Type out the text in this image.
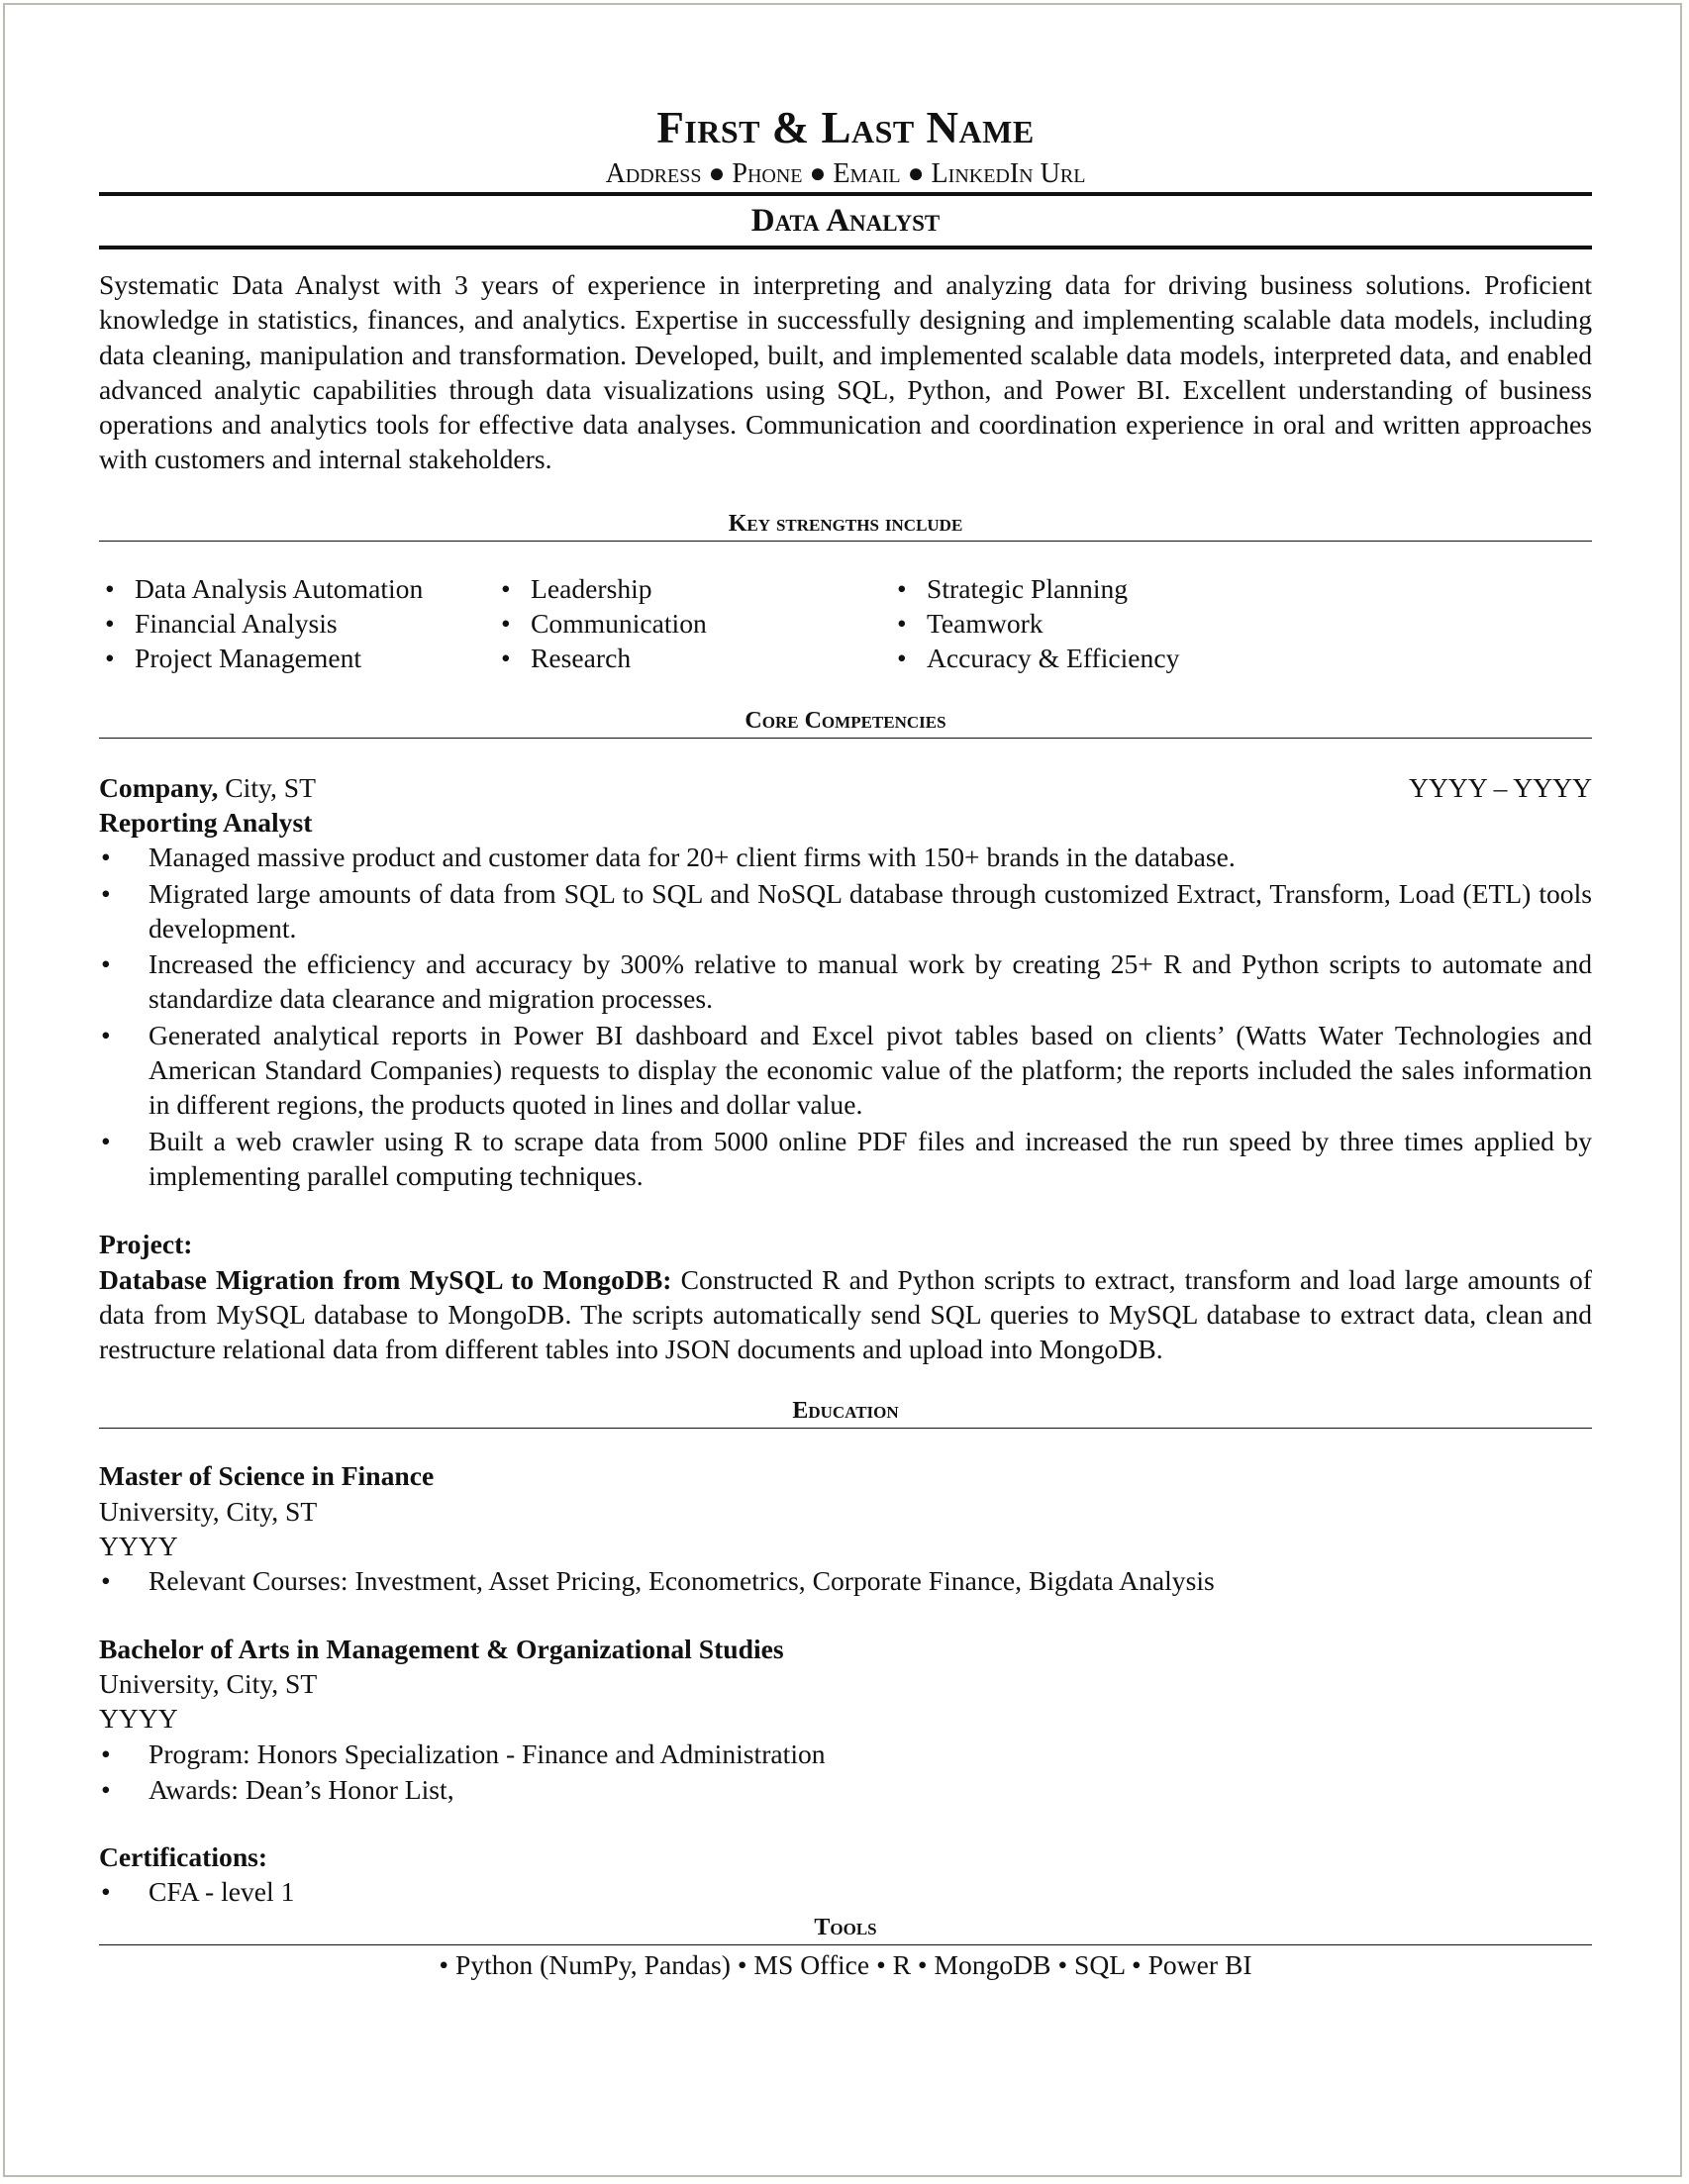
First & Last Name
Address ● Phone ● Email ● LinkedIn Url
Data Analyst

Systematic Data Analyst with 3 years of experience in interpreting and analyzing data for driving business solutions. Proficient knowledge in statistics, finances, and analytics. Expertise in successfully designing and implementing scalable data models, including data cleaning, manipulation and transformation. Developed, built, and implemented scalable data models, interpreted data, and enabled advanced analytic capabilities through data visualizations using SQL, Python, and Power BI. Excellent understanding of business operations and analytics tools for effective data analyses. Communication and coordination experience in oral and written approaches with customers and internal stakeholders.

Key strengths include
• Data Analysis Automation
• Financial Analysis
• Project Management
• Leadership
• Communication
• Research
• Strategic Planning
• Teamwork
• Accuracy & Efficiency
Core Competencies
Company, City, ST	YYYY – YYYY
Reporting Analyst
• Managed massive product and customer data for 20+ client firms with 150+ brands in the database.
• Migrated large amounts of data from SQL to SQL and NoSQL database through customized Extract, Transform, Load (ETL) tools development.
• Increased the efficiency and accuracy by 300% relative to manual work by creating 25+ R and Python scripts to automate and standardize data clearance and migration processes.
• Generated analytical reports in Power BI dashboard and Excel pivot tables based on clients’ (Watts Water Technologies and American Standard Companies) requests to display the economic value of the platform; the reports included the sales information in different regions, the products quoted in lines and dollar value.
• Built a web crawler using R to scrape data from 5000 online PDF files and increased the run speed by three times applied by implementing parallel computing techniques.
Project:

Database Migration from MySQL to MongoDB: Constructed R and Python scripts to extract, transform and load large amounts of data from MySQL database to MongoDB. The scripts automatically send SQL queries to MySQL database to extract data, clean and restructure relational data from different tables into JSON documents and upload into MongoDB.

Education
Master of Science in Finance
University, City, ST
YYYY
• Relevant Courses: Investment, Asset Pricing, Econometrics, Corporate Finance, Bigdata Analysis
Bachelor of Arts in Management & Organizational Studies
University, City, ST
YYYY
• Program: Honors Specialization - Finance and Administration
• Awards: Dean’s Honor List,
Certifications:
• CFA - level 1
Tools
• Python (NumPy, Pandas) • MS Office • R • MongoDB • SQL • Power BI
